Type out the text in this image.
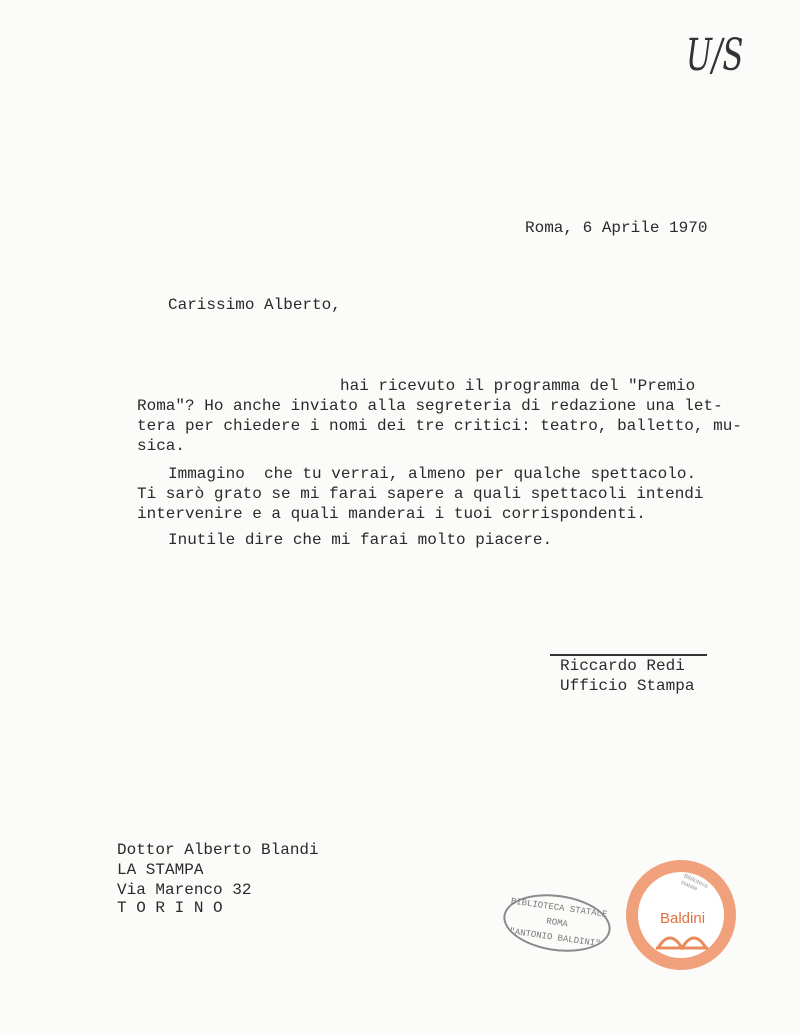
U/S
Roma, 6 Aprile 1970
Carissimo Alberto,
hai ricevuto il programma del "Premio
Roma"? Ho anche inviato alla segreteria di redazione una let-
tera per chiedere i nomi dei tre critici: teatro, balletto, mu-
sica.
Immagino  che tu verrai, almeno per qualche spettacolo.
Ti sarò grato se mi farai sapere a quali spettacoli intendi
intervenire e a quali manderai i tuoi corrispondenti.
Inutile dire che mi farai molto piacere.
Riccardo Redi
Ufficio Stampa
Dottor Alberto Blandi
LA STAMPA
Via Marenco 32
T O R I N O	BIBLIOTECA STATALE
ROMA
"ANTONIO BALDINI"
Biblioteca statale
Baldini
